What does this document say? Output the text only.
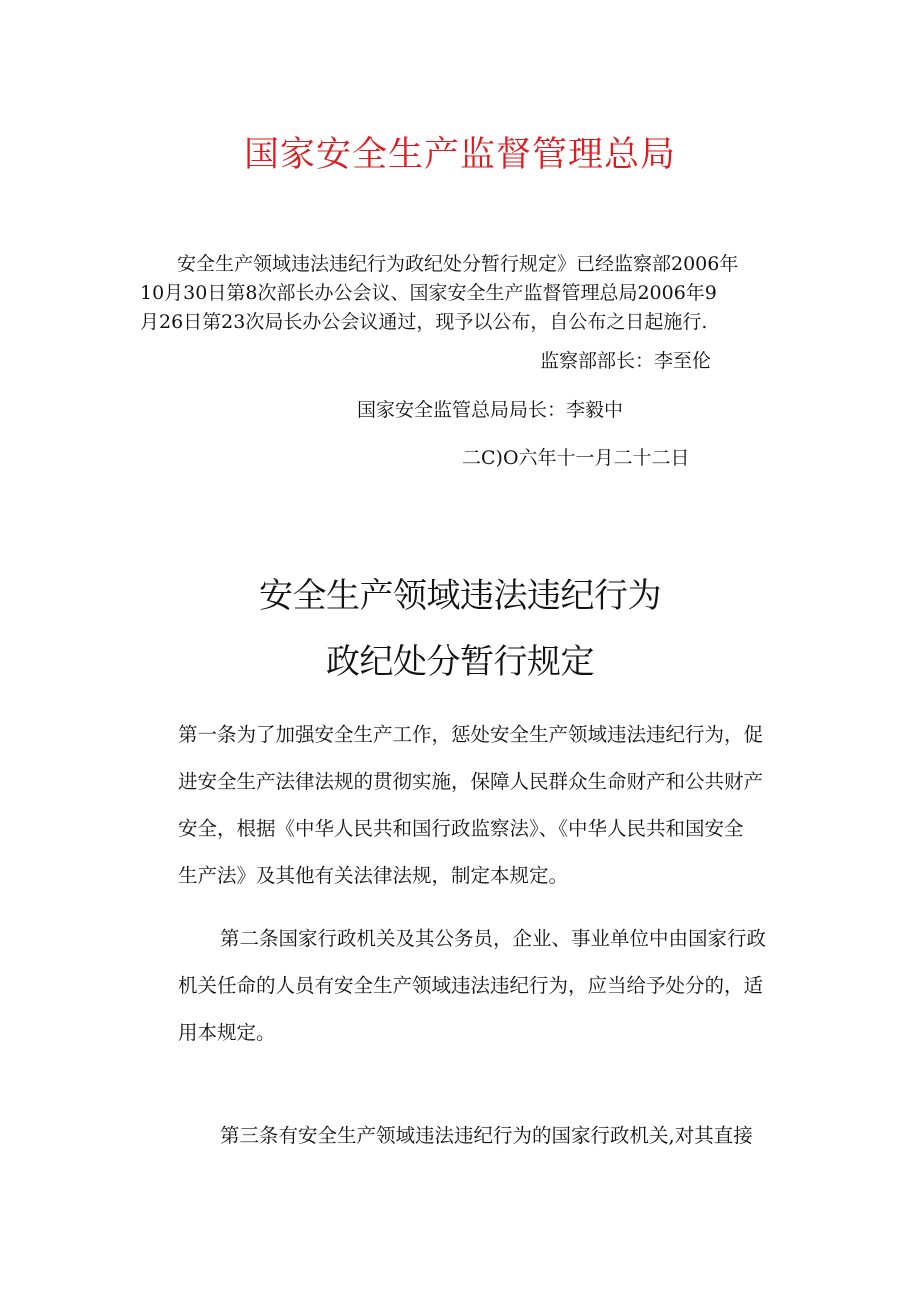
国家安全生产监督管理总局

安全生产领域违法违纪行为政纪处分暂行规定》已经监察部2006年

10月30日第8次部长办公会议、国家安全生产监督管理总局2006年9

月26日第23次局长办公会议通过，现予以公布，自公布之日起施行.

监察部部长：李至伦
国家安全监管总局局长：李毅中
二C)O六年十一月二十二日
安全生产领域违法违纪行为
政纪处分暂行规定

第一条为了加强安全生产工作，惩处安全生产领域违法违纪行为，促

进安全生产法律法规的贯彻实施，保障人民群众生命财产和公共财产

安全，根据《中华人民共和国行政监察法》、《中华人民共和国安全

生产法》及其他有关法律法规，制定本规定。

第二条国家行政机关及其公务员，企业、事业单位中由国家行政

机关任命的人员有安全生产领域违法违纪行为，应当给予处分的，适

用本规定。

第三条有安全生产领域违法违纪行为的国家行政机关,对其直接
